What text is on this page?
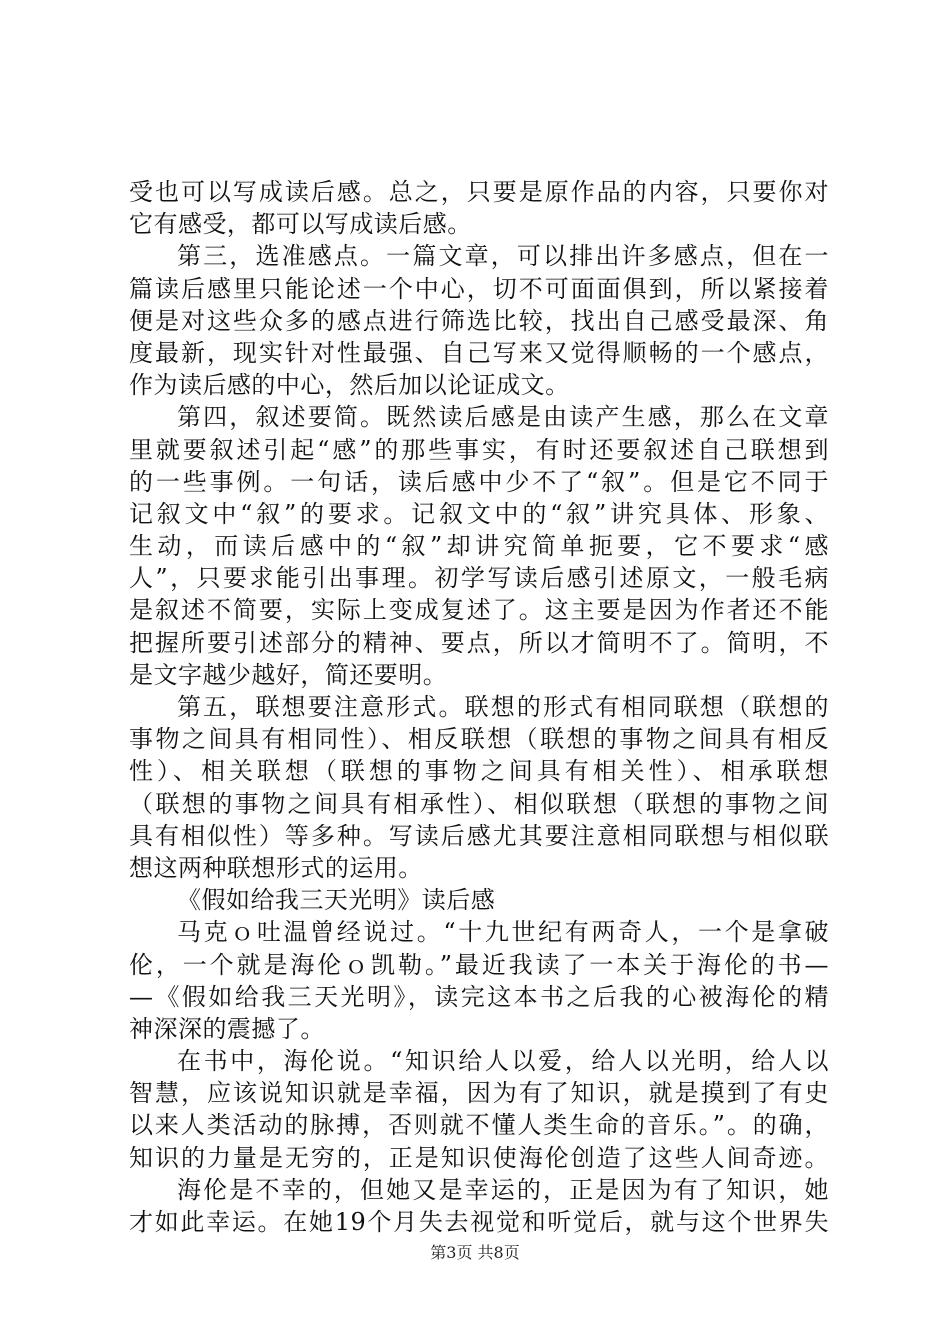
受也可以写成读后感。总之，只要是原作品的内容，只要你对
它有感受，都可以写成读后感。
第三，选准感点。一篇文章，可以排出许多感点，但在一
篇读后感里只能论述一个中心，切不可面面俱到，所以紧接着
便是对这些众多的感点进行筛选比较，找出自己感受最深、角
度最新，现实针对性最强、自己写来又觉得顺畅的一个感点，
作为读后感的中心，然后加以论证成文。
第四，叙述要简。既然读后感是由读产生感，那么在文章
里就要叙述引起“感”的那些事实，有时还要叙述自己联想到
的一些事例。一句话，读后感中少不了“叙”。但是它不同于
记叙文中“叙”的要求。记叙文中的“叙”讲究具体、形象、
生动，而读后感中的“叙”却讲究简单扼要，它不要求“感
人”，只要求能引出事理。初学写读后感引述原文，一般毛病
是叙述不简要，实际上变成复述了。这主要是因为作者还不能
把握所要引述部分的精神、要点，所以才简明不了。简明，不
是文字越少越好，简还要明。
第五，联想要注意形式。联想的形式有相同联想（联想的
事物之间具有相同性）、相反联想（联想的事物之间具有相反
性）、相关联想（联想的事物之间具有相关性）、相承联想
（联想的事物之间具有相承性）、相似联想（联想的事物之间
具有相似性）等多种。写读后感尤其要注意相同联想与相似联
想这两种联想形式的运用。
《假如给我三天光明》读后感
马克ｏ吐温曾经说过。“十九世纪有两奇人，一个是拿破
伦，一个就是海伦ｏ凯勒。”最近我读了一本关于海伦的书—
—《假如给我三天光明》，读完这本书之后我的心被海伦的精
神深深的震撼了。
在书中，海伦说。“知识给人以爱，给人以光明，给人以
智慧，应该说知识就是幸福，因为有了知识，就是摸到了有史
以来人类活动的脉搏，否则就不懂人类生命的音乐。”。的确，
知识的力量是无穷的，正是知识使海伦创造了这些人间奇迹。
海伦是不幸的，但她又是幸运的，正是因为有了知识，她
才如此幸运。在她19个月失去视觉和听觉后，就与这个世界失
第3页 共8页
